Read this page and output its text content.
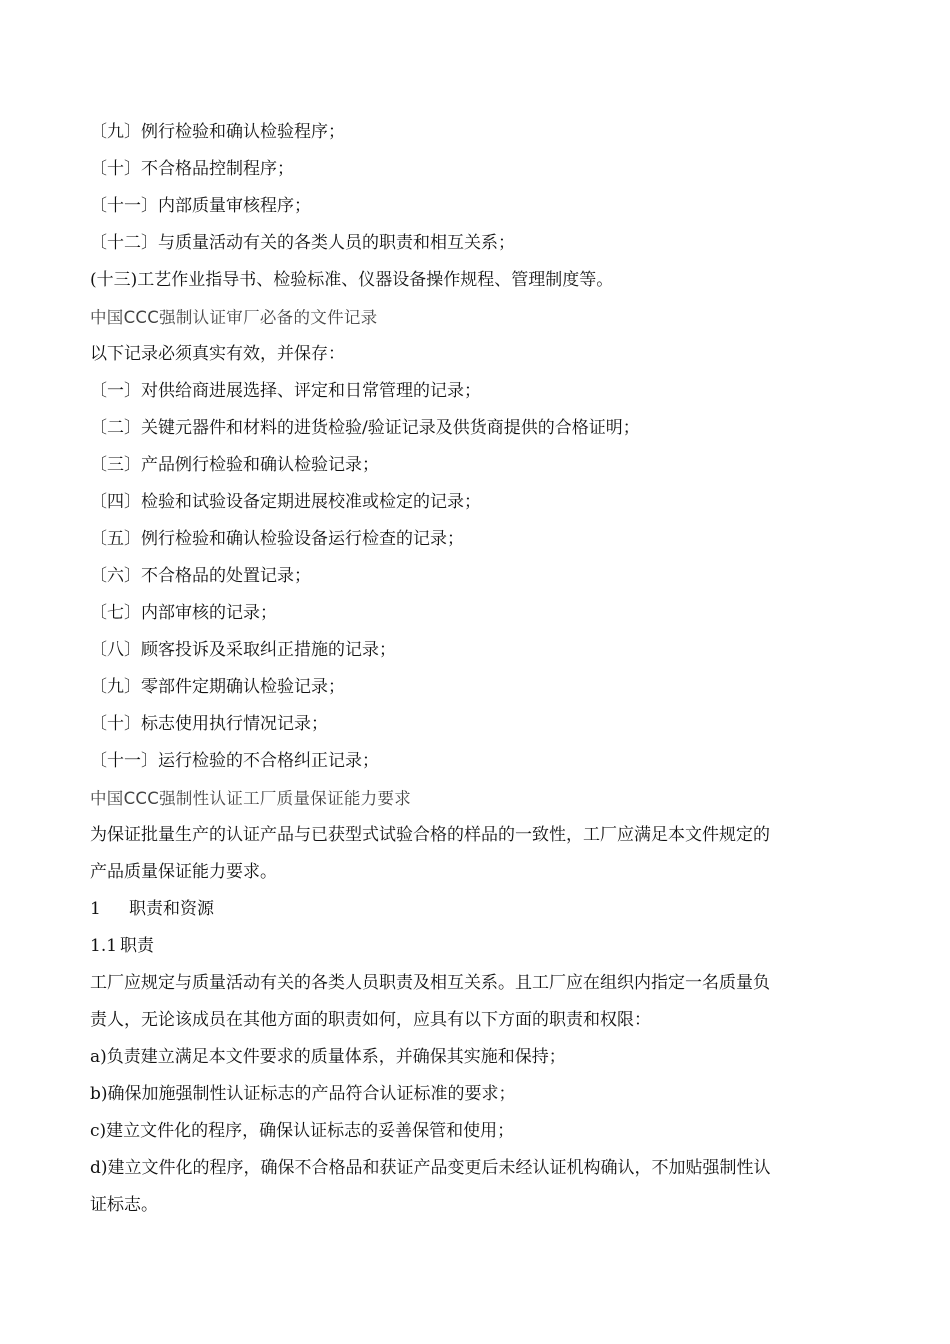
〔九〕例行检验和确认检验程序；
〔十〕不合格品控制程序；
〔十一〕内部质量审核程序；
〔十二〕与质量活动有关的各类人员的职责和相互关系；
(十三)工艺作业指导书、检验标准、仪器设备操作规程、管理制度等。
中国CCC强制认证审厂必备的文件记录
以下记录必须真实有效，并保存：
〔一〕对供给商进展选择、评定和日常管理的记录；
〔二〕关键元器件和材料的进货检验/验证记录及供货商提供的合格证明；
〔三〕产品例行检验和确认检验记录；
〔四〕检验和试验设备定期进展校准或检定的记录；
〔五〕例行检验和确认检验设备运行检查的记录；
〔六〕不合格品的处置记录；
〔七〕内部审核的记录；
〔八〕顾客投诉及采取纠正措施的记录；
〔九〕零部件定期确认检验记录；
〔十〕标志使用执行情况记录；
〔十一〕运行检验的不合格纠正记录；
中国CCC强制性认证工厂质量保证能力要求
为保证批量生产的认证产品与已获型式试验合格的样品的一致性，工厂应满足本文件规定的
产品质量保证能力要求。
1 职责和资源
1.1 职责
工厂应规定与质量活动有关的各类人员职责及相互关系。且工厂应在组织内指定一名质量负
责人，无论该成员在其他方面的职责如何，应具有以下方面的职责和权限：
a)负责建立满足本文件要求的质量体系，并确保其实施和保持；
b)确保加施强制性认证标志的产品符合认证标准的要求；
c)建立文件化的程序，确保认证标志的妥善保管和使用；
d)建立文件化的程序，确保不合格品和获证产品变更后未经认证机构确认，不加贴强制性认
证标志。
